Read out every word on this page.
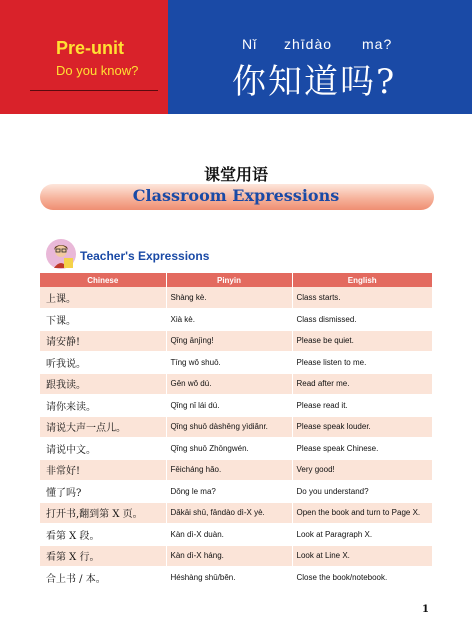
Pre-unit
Do you know?
Nǐ	zhīdào	ma?
你知道吗?
课堂用语
Classroom Expressions
Teacher's Expressions
Chinese	Pinyin	English
上课。	Shàng kè.	Class starts.
下课。	Xià kè.	Class dismissed.
请安静!	Qǐng ānjìng!	Please be quiet.
听我说。	Tīng wǒ shuō.	Please listen to me.
跟我读。	Gēn wǒ dú.	Read after me.
请你来读。	Qǐng nǐ lái dú.	Please read it.
请说大声一点儿。	Qǐng shuō dàshēng yìdiǎnr.	Please speak louder.
请说中文。	Qǐng shuō Zhōngwén.	Please speak Chinese.
非常好!	Fēicháng hǎo.	Very good!
懂了吗?	Dǒng le ma?	Do you understand?
打开书,翻到第 X 页。	Dǎkāi shū, fāndào dì-X yè.	Open the book and turn to Page X.
看第 X 段。	Kàn dì-X duàn.	Look at Paragraph X.
看第 X 行。	Kàn dì-X háng.	Look at Line X.
合上书 / 本。	Héshàng shū/běn.	Close the book/notebook.
1
